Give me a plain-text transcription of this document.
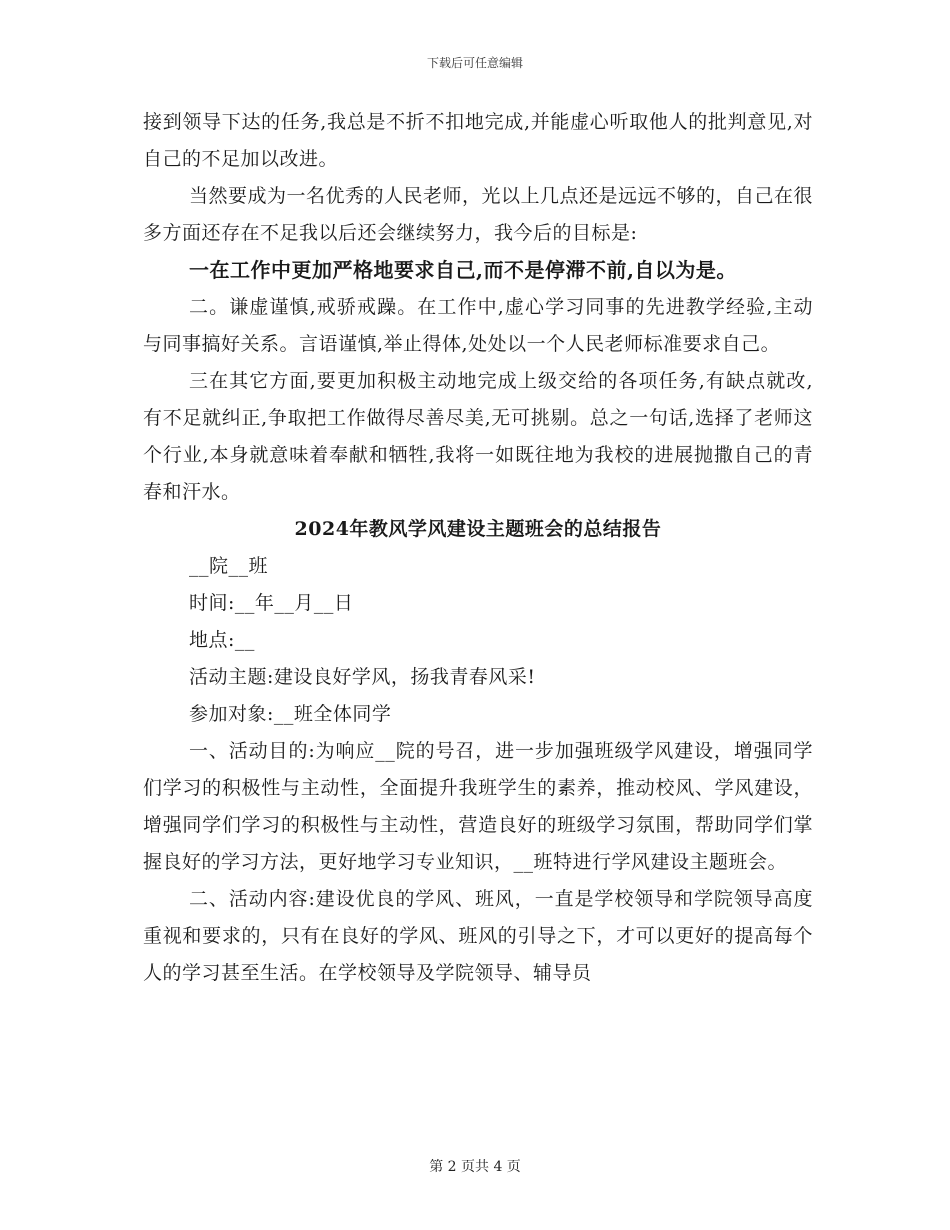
下载后可任意编辑

接到领导下达的任务,我总是不折不扣地完成,并能虚心听取他人的批判意见,对自己的不足加以改进。

当然要成为一名优秀的人民老师，光以上几点还是远远不够的，自己在很多方面还存在不足我以后还会继续努力，我今后的目标是:

一在工作中更加严格地要求自己,而不是停滞不前,自以为是。

二。谦虚谨慎,戒骄戒躁。在工作中,虚心学习同事的先进教学经验,主动与同事搞好关系。言语谨慎,举止得体,处处以一个人民老师标准要求自己。

三在其它方面,要更加积极主动地完成上级交给的各项任务,有缺点就改,有不足就纠正,争取把工作做得尽善尽美,无可挑剔。总之一句话,选择了老师这个行业,本身就意味着奉献和牺牲,我将一如既往地为我校的进展抛撒自己的青春和汗水。

2024年教风学风建设主题班会的总结报告

__院__班

时间:__年__月__日

地点:__

活动主题:建设良好学风，扬我青春风采!

参加对象:__班全体同学

一、活动目的:为响应__院的号召，进一步加强班级学风建设，增强同学们学习的积极性与主动性，全面提升我班学生的素养，推动校风、学风建设，增强同学们学习的积极性与主动性，营造良好的班级学习氛围，帮助同学们掌握良好的学习方法，更好地学习专业知识，__班特进行学风建设主题班会。

二、活动内容:建设优良的学风、班风，一直是学校领导和学院领导高度重视和要求的，只有在良好的学风、班风的引导之下，才可以更好的提高每个人的学习甚至生活。在学校领导及学院领导、辅导员

第 2 页共 4 页
